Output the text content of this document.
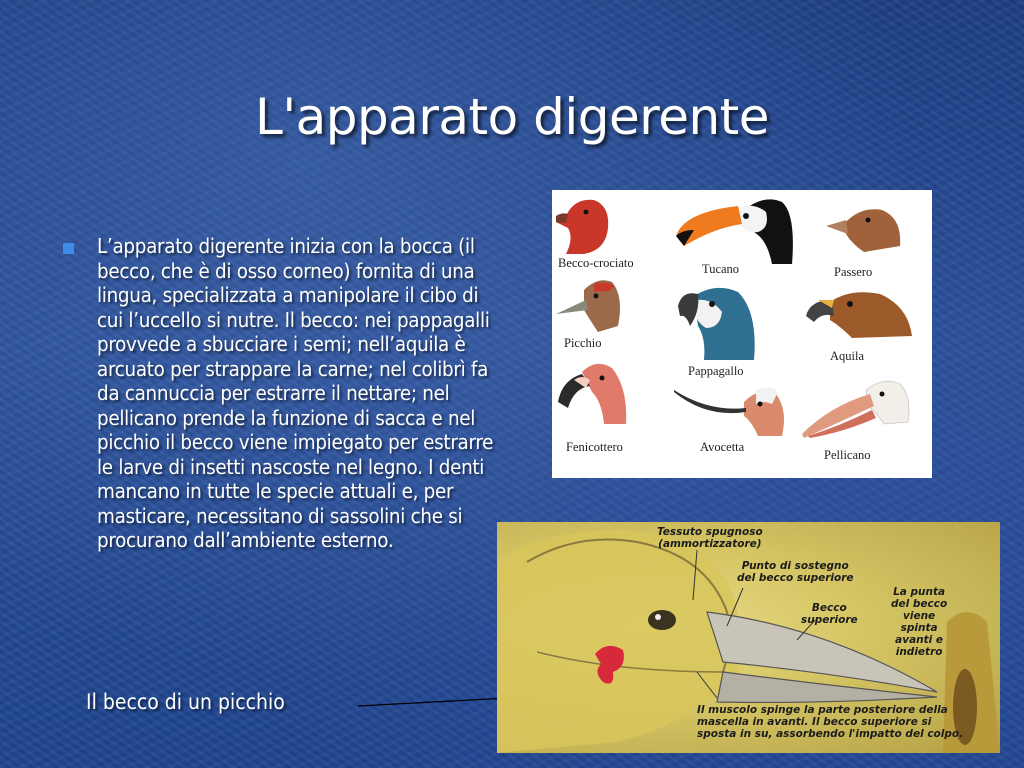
L'apparato digerente
L’apparato digerente inizia con la bocca (il becco, che è di osso corneo) fornita di una lingua, specializzata a manipolare il cibo di cui l’uccello si nutre. Il becco: nei pappagalli provvede a sbucciare i semi; nell’aquila è arcuato per strappare la carne; nel colibrì fa da cannuccia per estrarre il nettare; nel pellicano prende la funzione di sacca e nel picchio il becco viene impiegato per estrarre le larve di insetti nascoste nel legno. I denti mancano in tutte le specie attuali e, per masticare, necessitano di sassolini che si procurano dall’ambiente esterno.
Il becco di un picchio
Becco-crociato	Tucano	Passero
Picchio
Pappagallo
Aquila
Fenicottero	Avocetta
Pellicano
Tessuto spugnoso
(ammortizzatore)
Punto di sostegno
del becco superiore
Becco
superiore
La punta
del becco
viene
spinta
avanti e
indietro
Il muscolo spinge la parte posteriore della
mascella in avanti. Il becco superiore si
sposta in su, assorbendo l'impatto del colpo.
